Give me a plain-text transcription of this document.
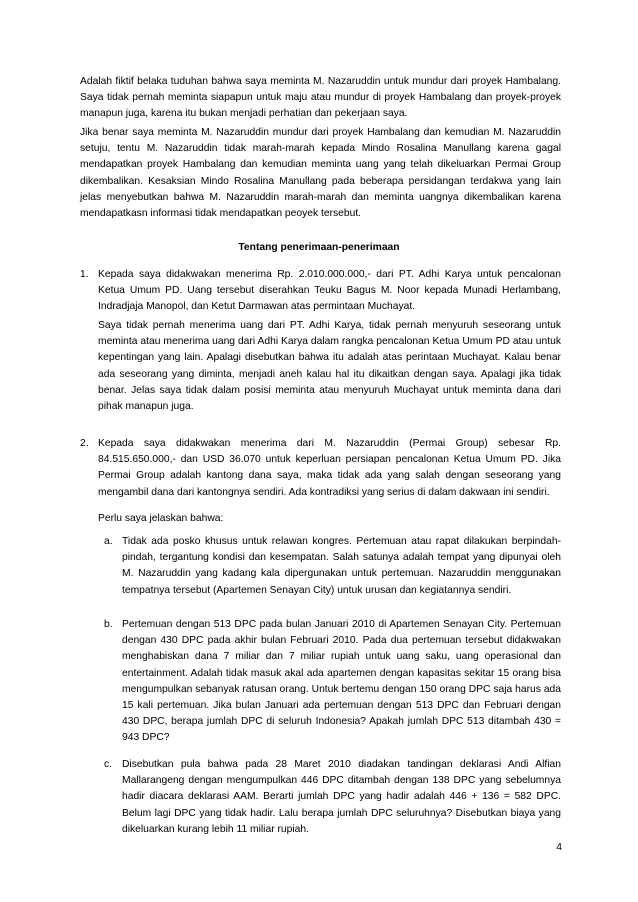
Adalah fiktif belaka tuduhan bahwa saya meminta M. Nazaruddin untuk mundur dari proyek Hambalang. Saya tidak pernah meminta siapapun untuk maju atau mundur di proyek Hambalang dan proyek-proyek manapun juga, karena itu bukan menjadi perhatian dan pekerjaan saya.

Jika benar saya meminta M. Nazaruddin mundur dari proyek Hambalang dan kemudian M. Nazaruddin setuju, tentu M. Nazaruddin tidak marah-marah kepada Mindo Rosalina Manullang karena gagal mendapatkan proyek Hambalang dan kemudian meminta uang yang telah dikeluarkan Permai Group dikembalikan. Kesaksian Mindo Rosalina Manullang pada beberapa persidangan terdakwa yang lain jelas menyebutkan bahwa M. Nazaruddin marah-marah dan meminta uangnya dikembalikan karena mendapatkasn informasi tidak mendapatkan peoyek tersebut.

Tentang penerimaan-penerimaan
1. Kepada saya didakwakan menerima Rp. 2.010.000.000,- dari PT. Adhi Karya untuk pencalonan Ketua Umum PD. Uang tersebut diserahkan Teuku Bagus M. Noor kepada Munadi Herlambang, Indradjaja Manopol, dan Ketut Darmawan atas permintaan Muchayat.

Saya tidak pernah menerima uang dari PT. Adhi Karya, tidak pernah menyuruh seseorang untuk meminta atau menerima uang dari Adhi Karya dalam rangka pencalonan Ketua Umum PD atau untuk kepentingan yang lain. Apalagi disebutkan bahwa itu adalah atas perintaan Muchayat. Kalau benar ada seseorang yang diminta, menjadi aneh kalau hal itu dikaitkan dengan saya. Apalagi jika tidak benar. Jelas saya tidak dalam posisi meminta atau menyuruh Muchayat untuk meminta dana dari pihak manapun juga.

2. Kepada saya didakwakan menerima dari M. Nazaruddin (Permai Group) sebesar Rp. 84.515.650.000,- dan USD 36.070 untuk keperluan persiapan pencalonan Ketua Umum PD. Jika Permai Group adalah kantong dana saya, maka tidak ada yang salah dengan seseorang yang mengambil dana dari kantongnya sendiri. Ada kontradiksi yang serius di dalam dakwaan ini sendiri.

Perlu saya jelaskan bahwa:

a. Tidak ada posko khusus untuk relawan kongres. Pertemuan atau rapat dilakukan berpindah-pindah, tergantung kondisi dan kesempatan. Salah satunya adalah tempat yang dipunyai oleh M. Nazaruddin yang kadang kala dipergunakan untuk pertemuan. Nazaruddin menggunakan tempatnya tersebut (Apartemen Senayan City) untuk urusan dan kegiatannya sendiri.

b. Pertemuan dengan 513 DPC pada bulan Januari 2010 di Apartemen Senayan City. Pertemuan dengan 430 DPC pada akhir bulan Februari 2010. Pada dua pertemuan tersebut didakwakan menghabiskan dana 7 miliar dan 7 miliar rupiah untuk uang saku, uang operasional dan entertainment. Adalah tidak masuk akal ada apartemen dengan kapasitas sekitar 15 orang bisa mengumpulkan sebanyak ratusan orang. Untuk bertemu dengan 150 orang DPC saja harus ada 15 kali pertemuan. Jika bulan Januari ada pertemuan dengan 513 DPC dan Februari dengan 430 DPC, berapa jumlah DPC di seluruh Indonesia? Apakah jumlah DPC 513 ditambah 430 = 943 DPC?

c. Disebutkan pula bahwa pada 28 Maret 2010 diadakan tandingan deklarasi Andi Alfian Mallarangeng dengan mengumpulkan 446 DPC ditambah dengan 138 DPC yang sebelumnya hadir diacara deklarasi AAM. Berarti jumlah DPC yang hadir adalah 446 + 136 = 582 DPC. Belum lagi DPC yang tidak hadir. Lalu berapa jumlah DPC seluruhnya? Disebutkan biaya yang dikeluarkan kurang lebih 11 miliar rupiah.

4
